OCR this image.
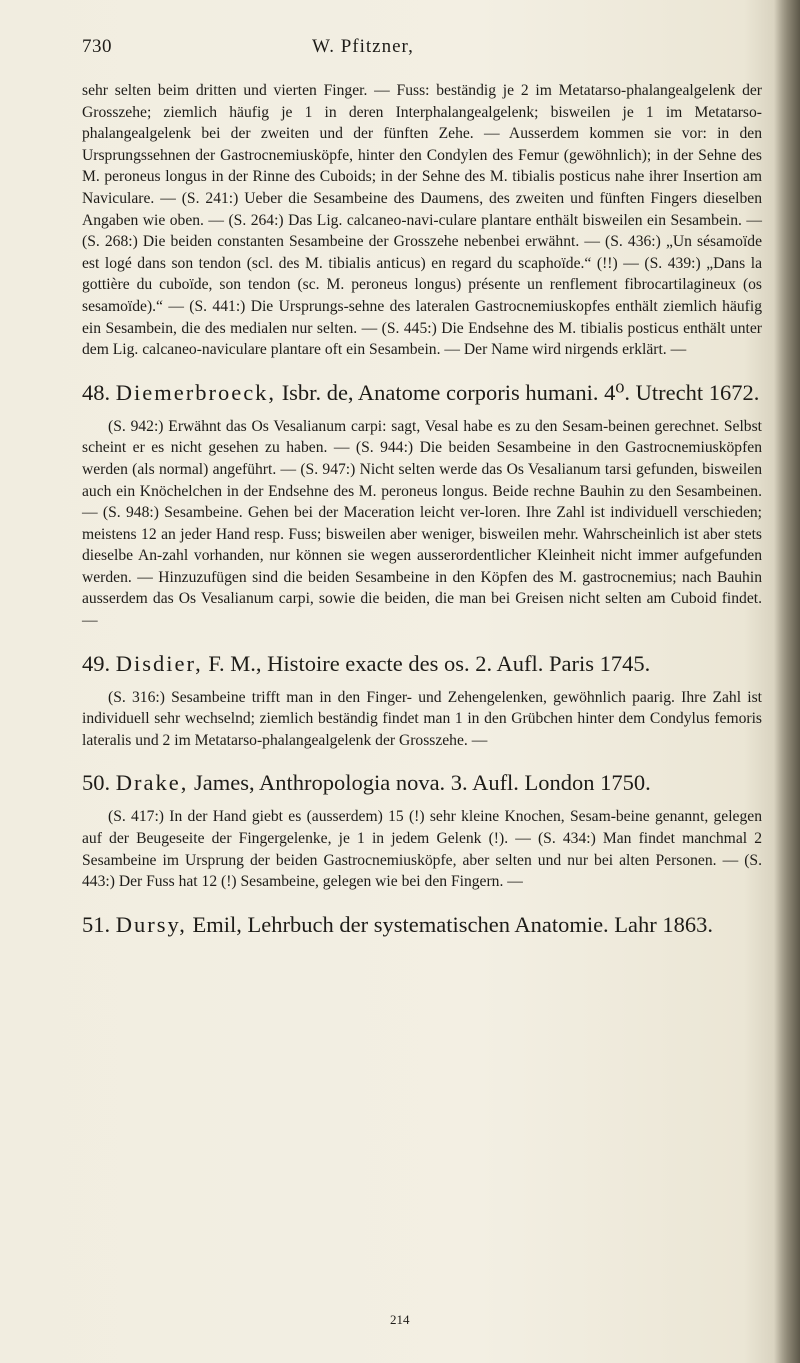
730	W. Pfitzner,

sehr selten beim dritten und vierten Finger. — Fuss: beständig je 2 im Metatarso-phalangealgelenk der Grosszehe; ziemlich häufig je 1 in deren Interphalangealgelenk; bisweilen je 1 im Metatarso-phalangealgelenk bei der zweiten und der fünften Zehe. — Ausserdem kommen sie vor: in den Ursprungssehnen der Gastrocnemiusköpfe, hinter den Condylen des Femur (gewöhnlich); in der Sehne des M. peroneus longus in der Rinne des Cuboids; in der Sehne des M. tibialis posticus nahe ihrer Insertion am Naviculare. — (S. 241:) Ueber die Sesambeine des Daumens, des zweiten und fünften Fingers dieselben Angaben wie oben. — (S. 264:) Das Lig. calcaneo-navi-culare plantare enthält bisweilen ein Sesambein. — (S. 268:) Die beiden constanten Sesambeine der Grosszehe nebenbei erwähnt. — (S. 436:) „Un sésamoïde est logé dans son tendon (scl. des M. tibialis anticus) en regard du scaphoïde.“ (!!) — (S. 439:) „Dans la gottière du cuboïde, son tendon (sc. M. peroneus longus) présente un renflement fibrocartilagineux (os sesamoïde).“ — (S. 441:) Die Ursprungs-sehne des lateralen Gastrocnemiuskopfes enthält ziemlich häufig ein Sesambein, die des medialen nur selten. — (S. 445:) Die Endsehne des M. tibialis posticus enthält unter dem Lig. calcaneo-naviculare plantare oft ein Sesambein. — Der Name wird nirgends erklärt. —

48. Diemerbroeck, Isbr. de, Anatome corporis humani. 4⁰. Utrecht 1672.

(S. 942:) Erwähnt das Os Vesalianum carpi: sagt, Vesal habe es zu den Sesam-beinen gerechnet. Selbst scheint er es nicht gesehen zu haben. — (S. 944:) Die beiden Sesambeine in den Gastrocnemiusköpfen werden (als normal) angeführt. — (S. 947:) Nicht selten werde das Os Vesalianum tarsi gefunden, bisweilen auch ein Knöchelchen in der Endsehne des M. peroneus longus. Beide rechne Bauhin zu den Sesambeinen. — (S. 948:) Sesambeine. Gehen bei der Maceration leicht ver-loren. Ihre Zahl ist individuell verschieden; meistens 12 an jeder Hand resp. Fuss; bisweilen aber weniger, bisweilen mehr. Wahrscheinlich ist aber stets dieselbe An-zahl vorhanden, nur können sie wegen ausserordentlicher Kleinheit nicht immer aufgefunden werden. — Hinzuzufügen sind die beiden Sesambeine in den Köpfen des M. gastrocnemius; nach Bauhin ausserdem das Os Vesalianum carpi, sowie die beiden, die man bei Greisen nicht selten am Cuboid findet. —

49. Disdier, F. M., Histoire exacte des os. 2. Aufl. Paris 1745.

(S. 316:) Sesambeine trifft man in den Finger- und Zehengelenken, gewöhnlich paarig. Ihre Zahl ist individuell sehr wechselnd; ziemlich beständig findet man 1 in den Grübchen hinter dem Condylus femoris lateralis und 2 im Metatarso-phalangealgelenk der Grosszehe. —

50. Drake, James, Anthropologia nova. 3. Aufl. London 1750.

(S. 417:) In der Hand giebt es (ausserdem) 15 (!) sehr kleine Knochen, Sesam-beine genannt, gelegen auf der Beugeseite der Fingergelenke, je 1 in jedem Gelenk (!). — (S. 434:) Man findet manchmal 2 Sesambeine im Ursprung der beiden Gastrocnemiusköpfe, aber selten und nur bei alten Personen. — (S. 443:) Der Fuss hat 12 (!) Sesambeine, gelegen wie bei den Fingern. —

51. Dursy, Emil, Lehrbuch der systematischen Anatomie. Lahr 1863.
214
